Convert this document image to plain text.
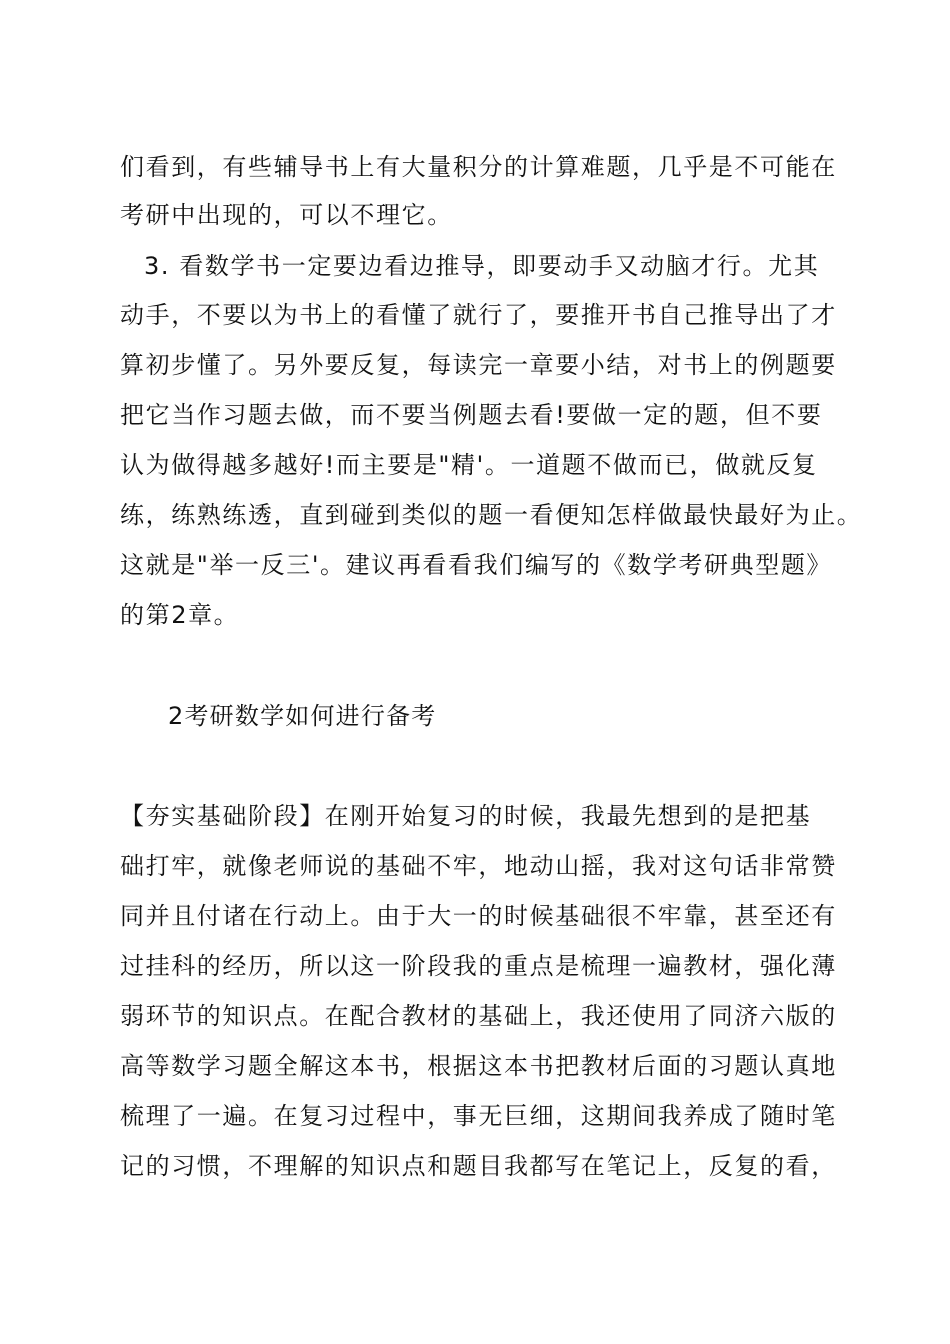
们看到，有些辅导书上有大量积分的计算难题，几乎是不可能在
考研中出现的，可以不理它。
3. 看数学书一定要边看边推导，即要动手又动脑才行。尤其
动手，不要以为书上的看懂了就行了，要推开书自己推导出了才
算初步懂了。另外要反复，每读完一章要小结，对书上的例题要
把它当作习题去做，而不要当例题去看!要做一定的题，但不要
认为做得越多越好!而主要是"精'。一道题不做而已，做就反复
练，练熟练透，直到碰到类似的题一看便知怎样做最快最好为止。
这就是"举一反三'。建议再看看我们编写的《数学考研典型题》
的第2章。
2考研数学如何进行备考
【夯实基础阶段】在刚开始复习的时候，我最先想到的是把基
础打牢，就像老师说的基础不牢，地动山摇，我对这句话非常赞
同并且付诸在行动上。由于大一的时候基础很不牢靠，甚至还有
过挂科的经历，所以这一阶段我的重点是梳理一遍教材，强化薄
弱环节的知识点。在配合教材的基础上，我还使用了同济六版的
高等数学习题全解这本书，根据这本书把教材后面的习题认真地
梳理了一遍。在复习过程中，事无巨细，这期间我养成了随时笔
记的习惯，不理解的知识点和题目我都写在笔记上，反复的看，
